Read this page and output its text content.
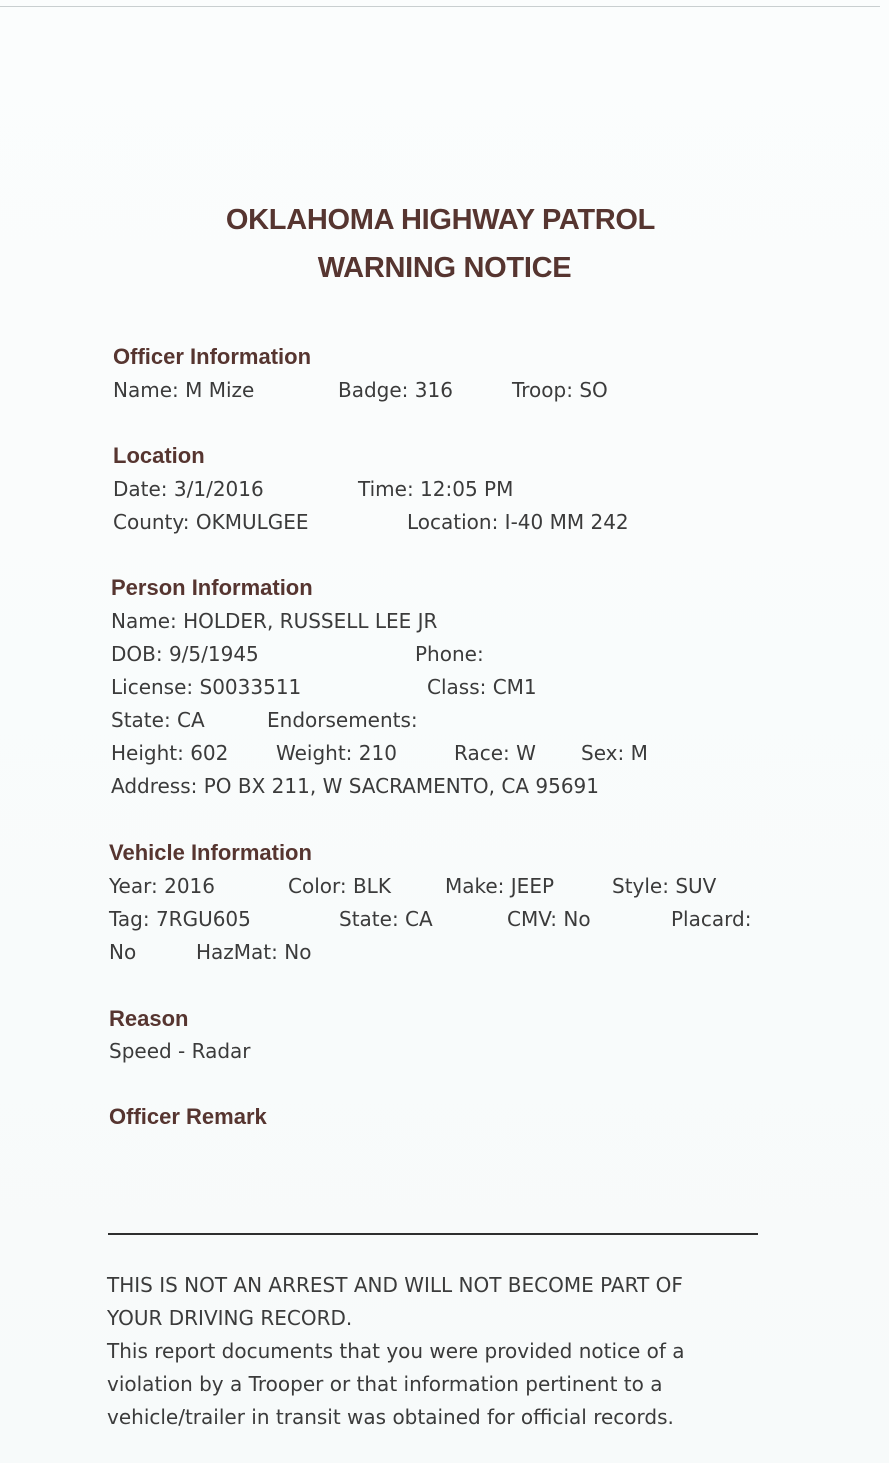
OKLAHOMA HIGHWAY PATROL
WARNING NOTICE
Officer Information
Name: M Mize	Badge: 316	Troop: SO
Location
Date: 3/1/2016	Time: 12:05 PM
County: OKMULGEE	Location: I-40 MM 242
Person Information
Name: HOLDER, RUSSELL LEE JR
DOB: 9/5/1945	Phone:
License: S0033511	Class: CM1
State: CA	Endorsements:
Height: 602 Weight: 210	Race: W Sex: M
Address: PO BX 211, W SACRAMENTO, CA 95691
Vehicle Information
Year: 2016	Color: BLK	Make: JEEP	Style: SUV
Tag: 7RGU605	State: CA	CMV: No	Placard:
No	HazMat: No
Reason
Speed - Radar
Officer Remark
THIS IS NOT AN ARREST AND WILL NOT BECOME PART OF
YOUR DRIVING RECORD.
This report documents that you were provided notice of a
violation by a Trooper or that information pertinent to a
vehicle/trailer in transit was obtained for official records.
